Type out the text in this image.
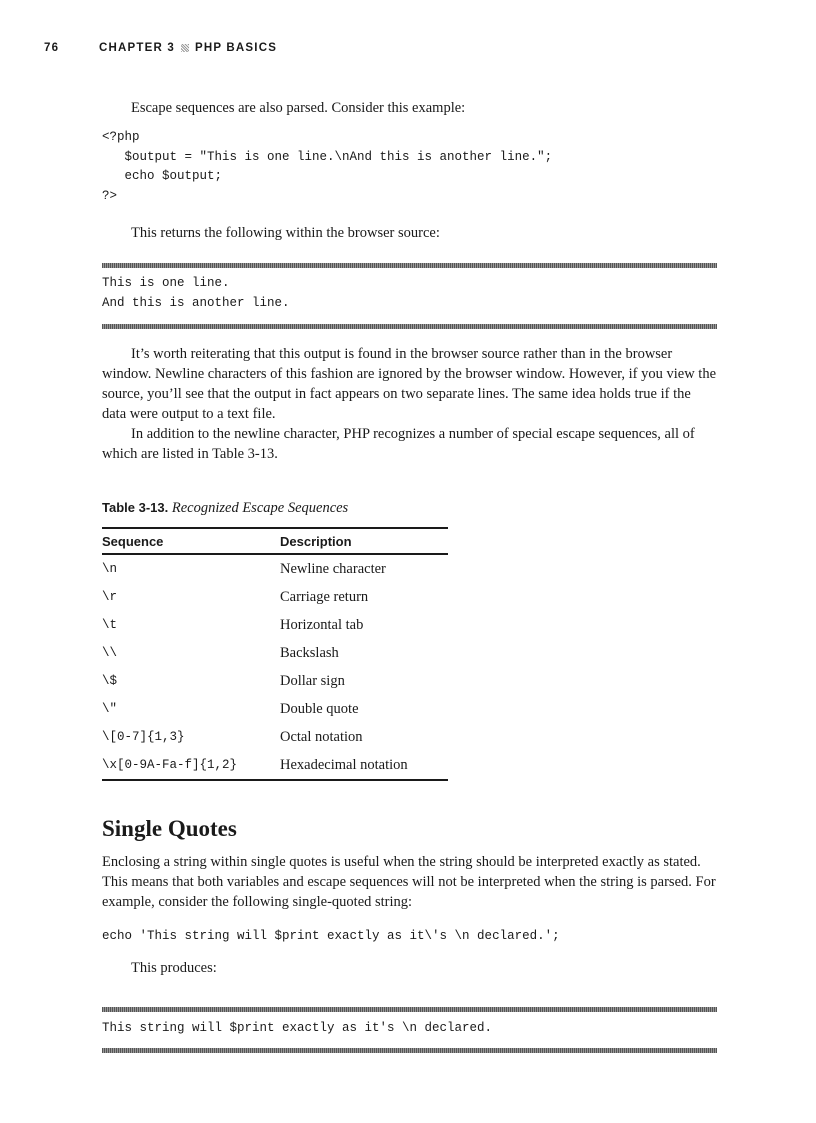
76	CHAPTER 3 PHP BASICS

Escape sequences are also parsed. Consider this example:

<?php
$output = "This is one line.\nAnd this is another line.";
echo $output;
?>

This returns the following within the browser source:

This is one line.
And this is another line.

It’s worth reiterating that this output is found in the browser source rather than in the browser window. Newline characters of this fashion are ignored by the browser window. However, if you view the source, you’ll see that the output in fact appears on two separate lines. The same idea holds true if the data were output to a text file.

In addition to the newline character, PHP recognizes a number of special escape sequences, all of which are listed in Table 3-13.

Table 3-13. Recognized Escape Sequences
Sequence	Description
\n	Newline character
\r	Carriage return
\t	Horizontal tab
\\	Backslash
\$	Dollar sign
\"	Double quote
\[0-7]{1,3}	Octal notation
\x[0-9A-Fa-f]{1,2}	Hexadecimal notation
Single Quotes

Enclosing a string within single quotes is useful when the string should be interpreted exactly as stated. This means that both variables and escape sequences will not be interpreted when the string is parsed. For example, consider the following single-quoted string:

echo 'This string will $print exactly as it\'s \n declared.';

This produces:

This string will $print exactly as it's \n declared.
